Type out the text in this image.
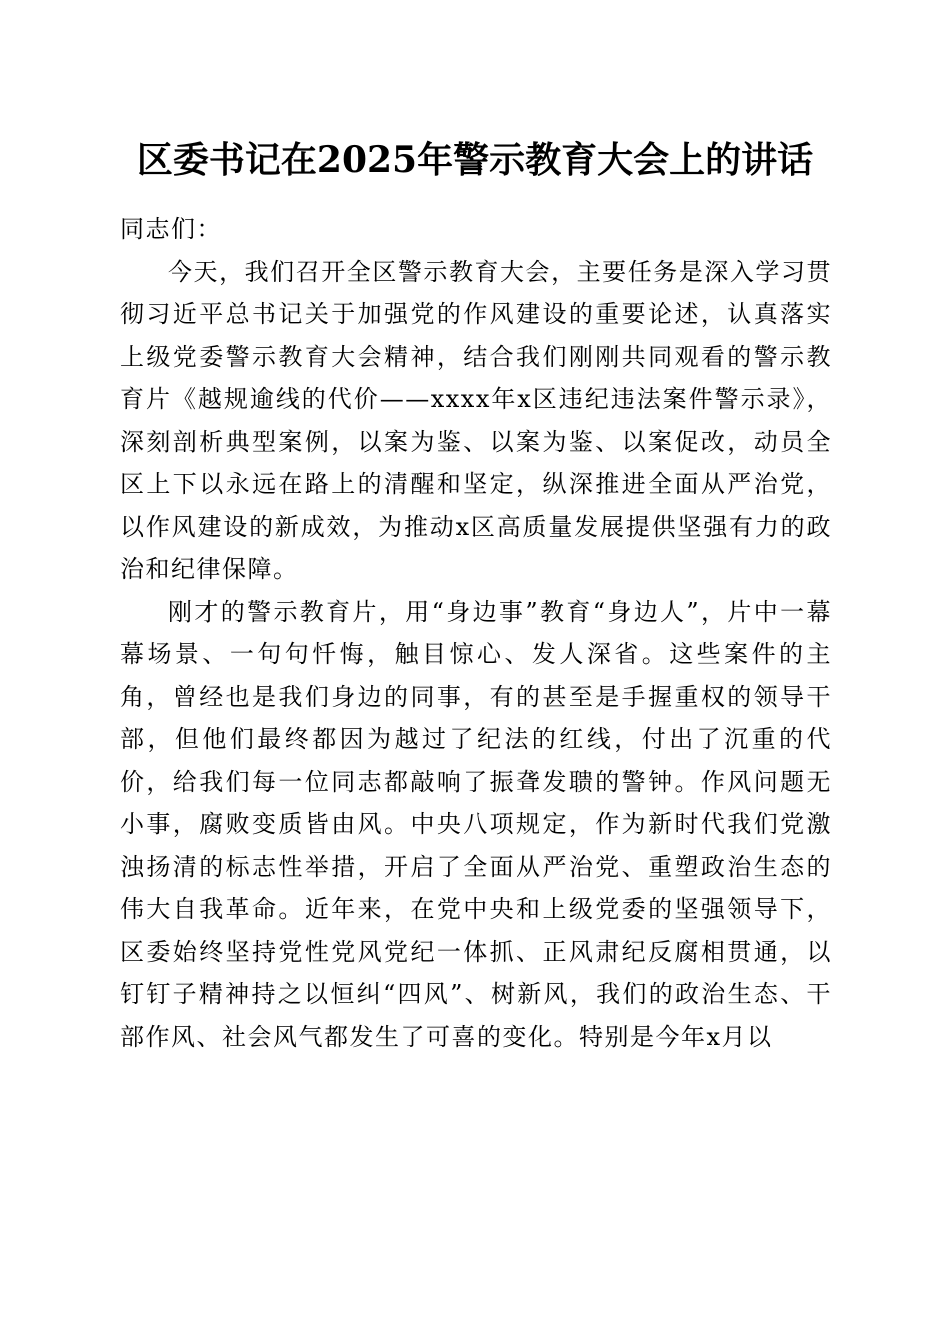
区委书记在2025年警示教育大会上的讲话

同志们：

今天，我们召开全区警示教育大会，主要任务是深入学习贯彻习近平总书记关于加强党的作风建设的重要论述，认真落实上级党委警示教育大会精神，结合我们刚刚共同观看的警示教育片《越规逾线的代价——xxxx年x区违纪违法案件警示录》，深刻剖析典型案例，以案为鉴、以案为鉴、以案促改，动员全区上下以永远在路上的清醒和坚定，纵深推进全面从严治党，以作风建设的新成效，为推动x区高质量发展提供坚强有力的政治和纪律保障。

刚才的警示教育片，用“身边事”教育“身边人”，片中一幕幕场景、一句句忏悔，触目惊心、发人深省。这些案件的主角，曾经也是我们身边的同事，有的甚至是手握重权的领导干部，但他们最终都因为越过了纪法的红线，付出了沉重的代价，给我们每一位同志都敲响了振聋发聩的警钟。作风问题无小事，腐败变质皆由风。中央八项规定，作为新时代我们党激浊扬清的标志性举措，开启了全面从严治党、重塑政治生态的伟大自我革命。近年来，在党中央和上级党委的坚强领导下，区委始终坚持党性党风党纪一体抓、正风肃纪反腐相贯通，以钉钉子精神持之以恒纠“四风”、树新风，我们的政治生态、干部作风、社会风气都发生了可喜的变化。特别是今年x月以
